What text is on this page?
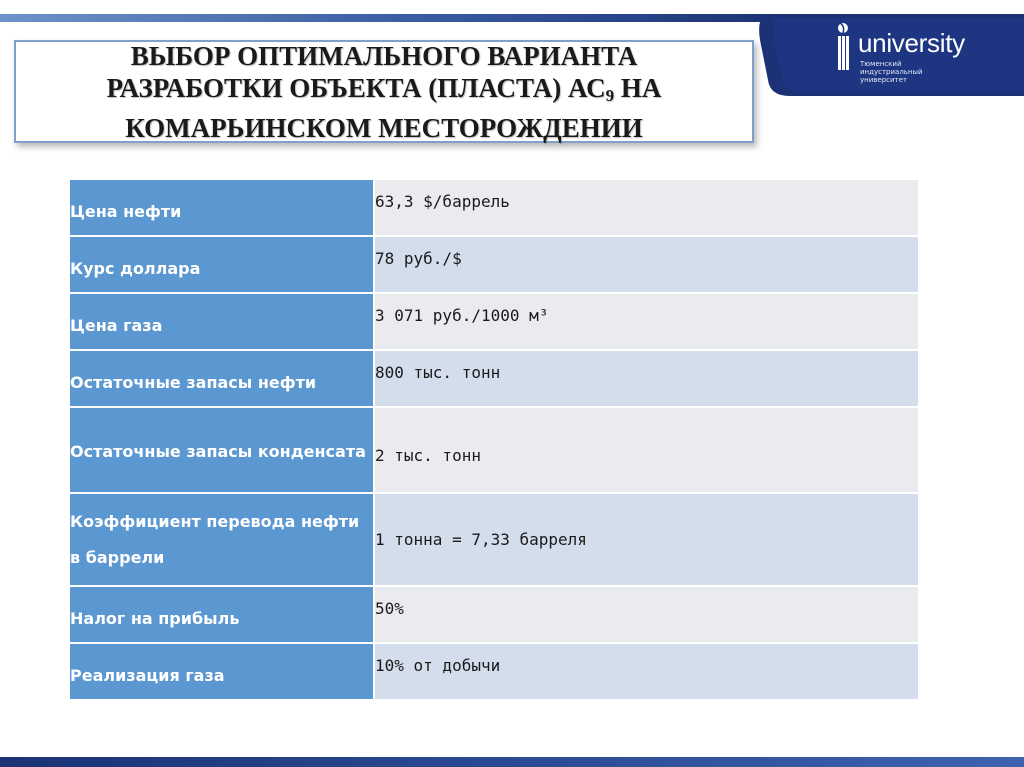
university
Тюменский
индустриальный
университет
ВЫБОР ОПТИМАЛЬНОГО ВАРИАНТА
РАЗРАБОТКИ ОБЪЕКТА (ПЛАСТА) $АС_9$ НА
КОМАРЬИНСКОМ МЕСТОРОЖДЕНИИ
Цена нефти	63,3 $/баррель

Курс доллара	78 руб./$

Цена газа	3 071 руб./1000 м³

Остаточные запасы нефти	800 тыс. тонн

Остаточные запасы конденсата	2 тыс. тонн

Коэффициент перевода нефти в баррели	1 тонна = 7,33 барреля

Налог на прибыль	50%

Реализация газа	10% от добычи
